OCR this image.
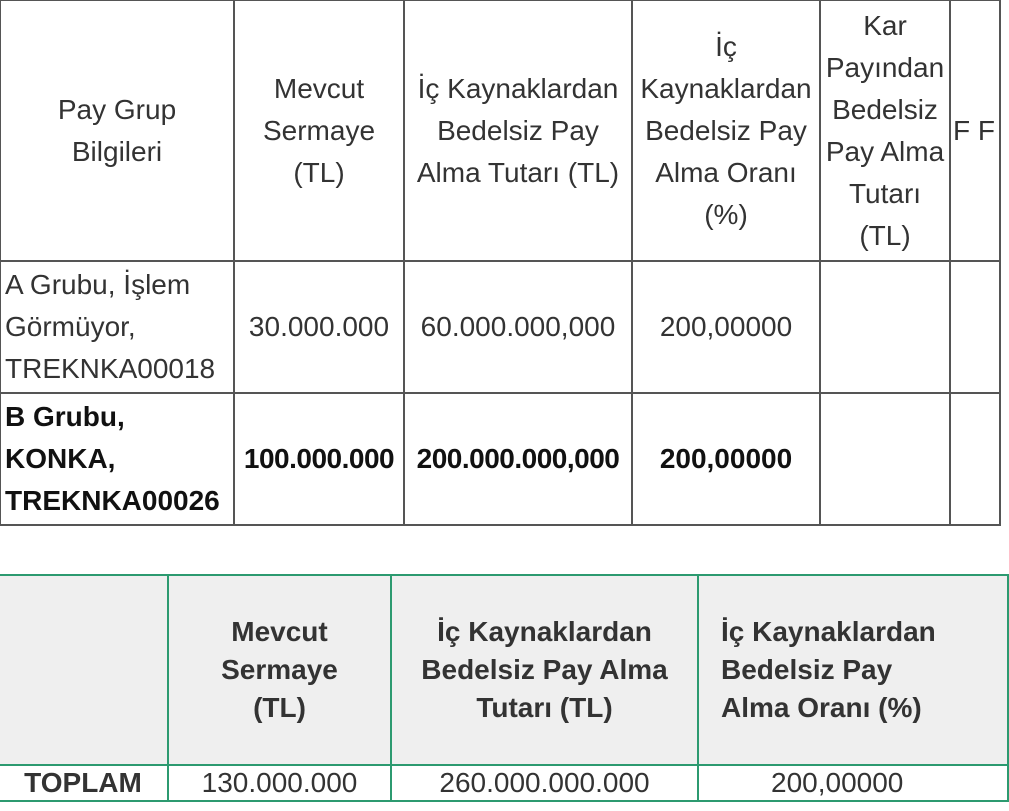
Pay Grup Bilgileri	Mevcut Sermaye (TL)	İç Kaynaklardan Bedelsiz Pay Alma Tutarı (TL)	İç Kaynaklardan Bedelsiz Pay Alma Oranı (%)	Kar Payından Bedelsiz Pay Alma Tutarı (TL)	F F
A Grubu, İşlem Görmüyor, TREKNKA00018	30.000.000	60.000.000,000	200,00000		
B Grubu, KONKA, TREKNKA00026	100.000.000	200.000.000,000	200,00000		
	Mevcut Sermaye (TL)	İç Kaynaklardan Bedelsiz Pay Alma Tutarı (TL)	İç Kaynaklardan Bedelsiz Pay Alma Oranı (%)
TOPLAM	130.000.000	260.000.000.000	200,00000
